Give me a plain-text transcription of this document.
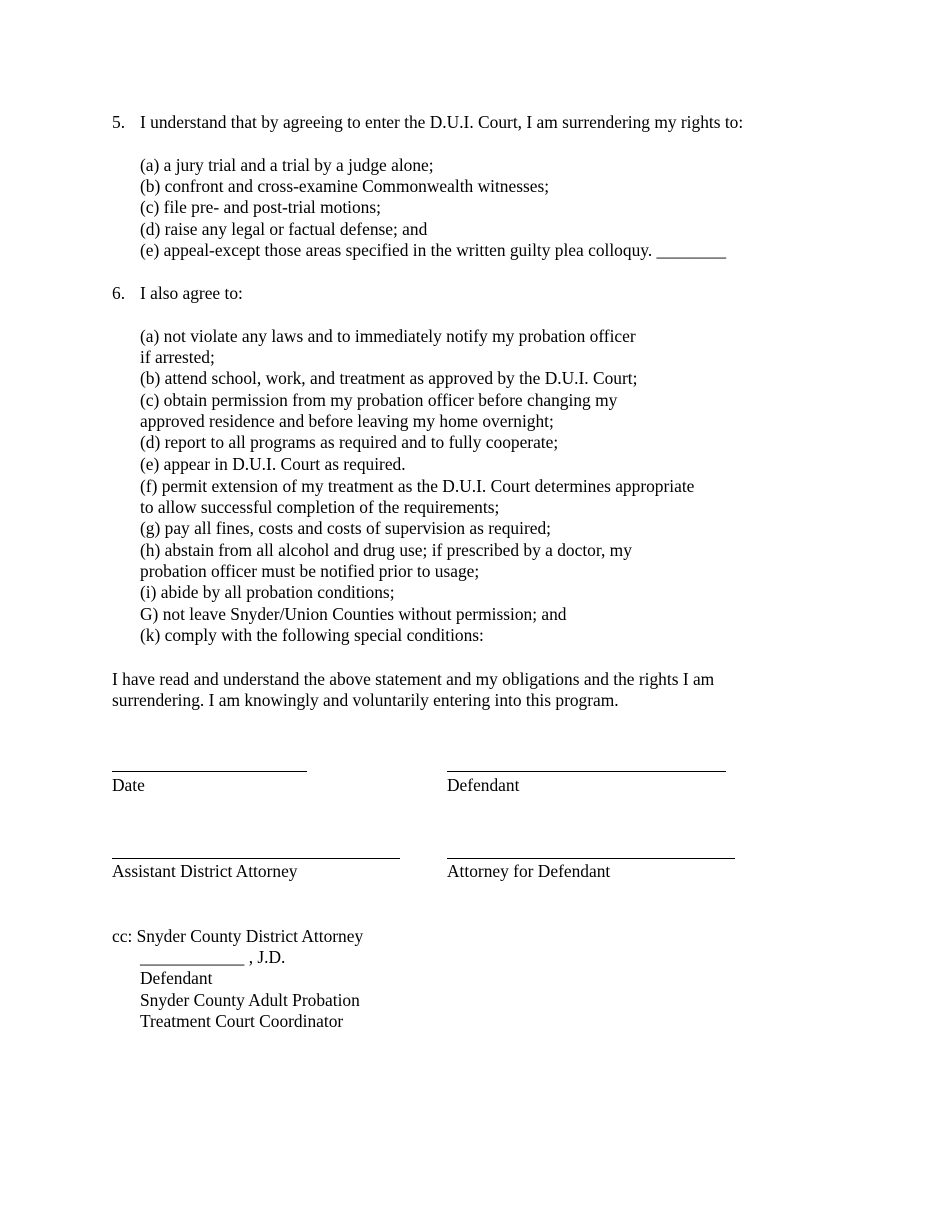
5. I understand that by agreeing to enter the D.U.I. Court, I am surrendering my rights to:
(a) a jury trial and a trial by a judge alone;
(b) confront and cross-examine Commonwealth witnesses;
(c) file pre- and post-trial motions;
(d) raise any legal or factual defense; and
(e) appeal-except those areas specified in the written guilty plea colloquy. ________
6. I also agree to:
(a) not violate any laws and to immediately notify my probation officer
if arrested;
(b) attend school, work, and treatment as approved by the D.U.I. Court;
(c) obtain permission from my probation officer before changing my
approved residence and before leaving my home overnight;
(d) report to all programs as required and to fully cooperate;
(e) appear in D.U.I. Court as required.
(f) permit extension of my treatment as the D.U.I. Court determines appropriate
to allow successful completion of the requirements;
(g) pay all fines, costs and costs of supervision as required;
(h) abstain from all alcohol and drug use; if prescribed by a doctor, my
probation officer must be notified prior to usage;
(i) abide by all probation conditions;
G) not leave Snyder/Union Counties without permission; and
(k) comply with the following special conditions:
I have read and understand the above statement and my obligations and the rights I am
surrendering. I am knowingly and voluntarily entering into this program.
Date	Defendant
Assistant District Attorney	Attorney for Defendant
cc: Snyder County District Attorney
____________ , J.D.
Defendant
Snyder County Adult Probation
Treatment Court Coordinator
